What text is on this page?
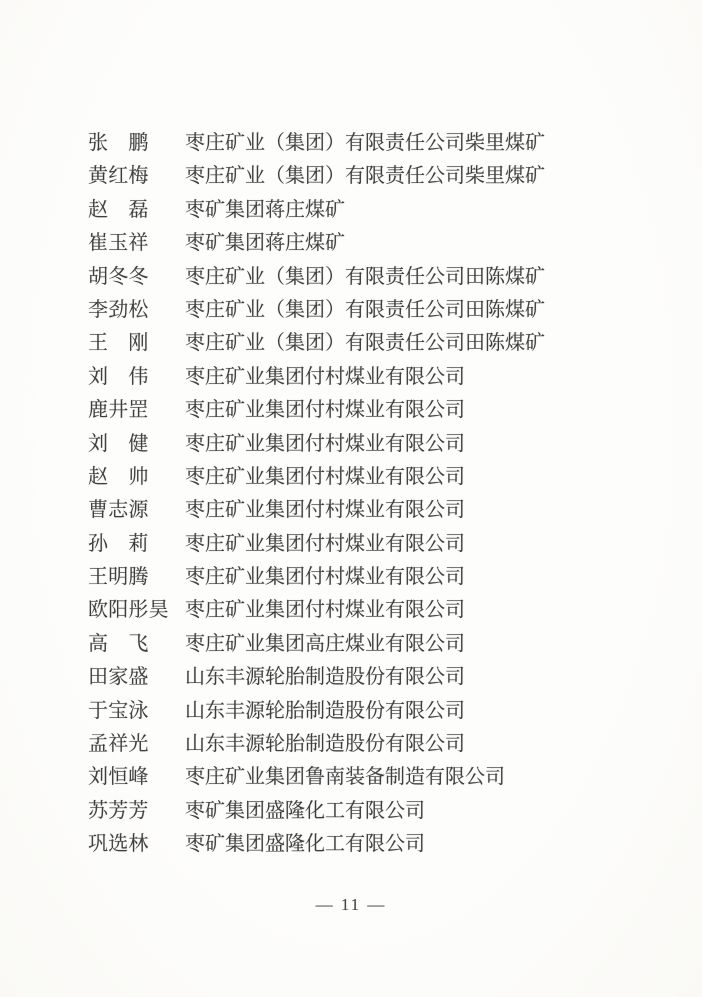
张　鹏	枣庄矿业（集团）有限责任公司柴里煤矿
黄红梅	枣庄矿业（集团）有限责任公司柴里煤矿
赵　磊	枣矿集团蒋庄煤矿
崔玉祥	枣矿集团蒋庄煤矿
胡冬冬	枣庄矿业（集团）有限责任公司田陈煤矿
李劲松	枣庄矿业（集团）有限责任公司田陈煤矿
王　刚	枣庄矿业（集团）有限责任公司田陈煤矿
刘　伟	枣庄矿业集团付村煤业有限公司
鹿井罡	枣庄矿业集团付村煤业有限公司
刘　健	枣庄矿业集团付村煤业有限公司
赵　帅	枣庄矿业集团付村煤业有限公司
曹志源	枣庄矿业集团付村煤业有限公司
孙　莉	枣庄矿业集团付村煤业有限公司
王明腾	枣庄矿业集团付村煤业有限公司
欧阳彤昊 枣庄矿业集团付村煤业有限公司
高　飞	枣庄矿业集团高庄煤业有限公司
田家盛	山东丰源轮胎制造股份有限公司
于宝泳	山东丰源轮胎制造股份有限公司
孟祥光	山东丰源轮胎制造股份有限公司
刘恒峰	枣庄矿业集团鲁南装备制造有限公司
苏芳芳	枣矿集团盛隆化工有限公司
巩选林	枣矿集团盛隆化工有限公司
— 11 —
